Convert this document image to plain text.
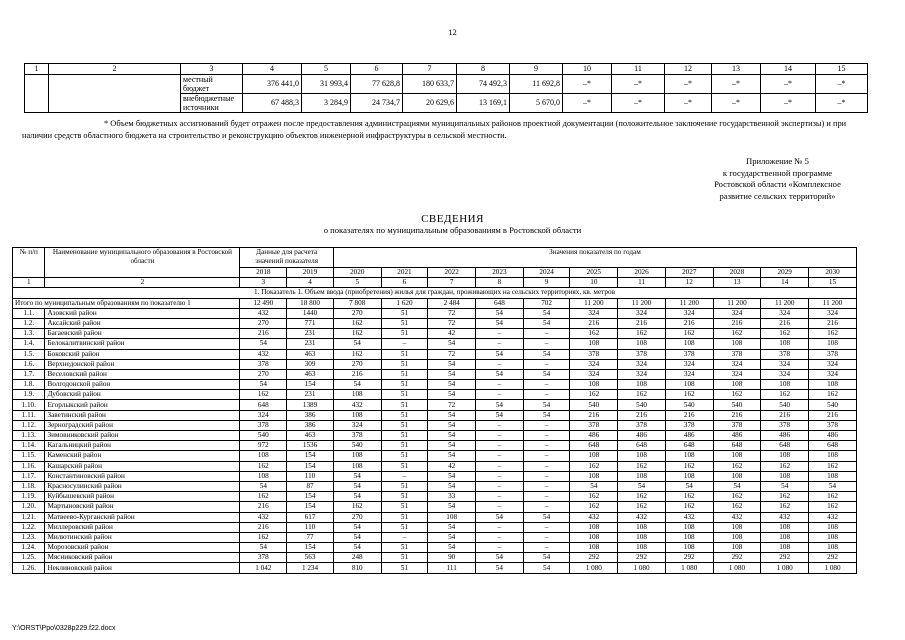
12
1	2	3	4	5	6	7	8	9	10	11	12	13	14	15
		местный бюджет	376 441,0	31 993,4	77 628,8	180 633,7	74 492,3	11 692,8	–*	–*	–*	–*	–*	–*
		внебюджетные источники	67 488,3	3 284,9	24 734,7	20 629,6	13 169,1	5 670,0	–*	–*	–*	–*	–*	–*
* Объем бюджетных ассигнований будет отражен после предоставления администрациями муниципальных районов проектной документации (положительное заключение государственной экспертизы) и при наличии средств областного бюджета на строительство и реконструкцию объектов инженерной инфраструктуры в сельской местности.
Приложение № 5
к государственной программе
Ростовской области «Комплексное
развитие сельских территорий»
СВЕДЕНИЯ
о показателях по муниципальным образованиям в Ростовской области
№ п/п	Наименование муниципального образования в Ростовской области	Данные для расчета значений показателя		Значения показателя по годам										
		2018	2019	2020	2021	2022	2023	2024	2025	2026	2027	2028	2029	2030
1	2	3	4	5	6	7	8	9	10	11	12	13	14	15
1. Показатель 1. Объем ввода (приобретения) жилья для граждан, проживающих на сельских территориях, кв. метров														
Итого по муниципальным образованиям по показателю 1		12 490	18 800	7 808	1 620	2 484	648	702	11 200	11 200	11 200	11 200	11 200	11 200
1.1.	Азовский район	432	1440	270	51	72	54	54	324	324	324	324	324	324
1.2.	Аксайский район	270	771	162	51	72	54	54	216	216	216	216	216	216
1.3.	Багаевский район	216	231	162	51	42	–	–	162	162	162	162	162	162
1.4.	Белокалитвинский район	54	231	54	–	54	–	–	108	108	108	108	108	108
1.5.	Боковский район	432	463	162	51	72	54	54	378	378	378	378	378	378
1.6.	Верхнедонской район	378	309	270	51	54	–	–	324	324	324	324	324	324
1.7.	Веселовский район	270	463	216	51	54	54	54	324	324	324	324	324	324
1.8.	Волгодонской район	54	154	54	51	54	–	–	108	108	108	108	108	108
1.9.	Дубовский район	162	231	108	51	54	–	–	162	162	162	162	162	162
1.10.	Егорлыкский район	648	1389	432	51	72	54	54	540	540	540	540	540	540
1.11.	Заветинский район	324	386	108	51	54	54	54	216	216	216	216	216	216
1.12.	Зерноградский район	378	386	324	51	54	–	–	378	378	378	378	378	378
1.13.	Зимовниковский район	540	463	378	51	54	–	–	486	486	486	486	486	486
1.14.	Кагальницкий район	972	1536	540	51	54	–	–	648	648	648	648	648	648
1.15.	Каменский район	108	154	108	51	54	–	–	108	108	108	108	108	108
1.16.	Кашарский район	162	154	108	51	42	–	–	162	162	162	162	162	162
1.17.	Константиновский район	108	110	54	–	54	–	–	108	108	108	108	108	108
1.18.	Красносулинский район	54	87	54	51	54	–	–	54	54	54	54	54	54
1.19.	Куйбышевский район	162	154	54	51	33	–	–	162	162	162	162	162	162
1.20.	Мартыновский район	216	154	162	51	54	–	–	162	162	162	162	162	162
1.21.	Матвеево-Курганский район	432	617	270	51	108	54	54	432	432	432	432	432	432
1.22.	Миллеровский район	216	110	54	51	54	–	–	108	108	108	108	108	108
1.23.	Милютинский район	162	77	54	–	54	–	–	108	108	108	108	108	108
1.24.	Морозовский район	54	154	54	51	54	–	–	108	108	108	108	108	108
1.25.	Мясниковский район	378	563	248	51	90	54	54	292	292	292	292	292	292
1.26.	Неклиновский район	1 042	1 234	810	51	111	54	54	1 080	1 080	1 080	1 080	1 080	1 080
Y:\ORST\Ppo\0328p229.f22.docx
